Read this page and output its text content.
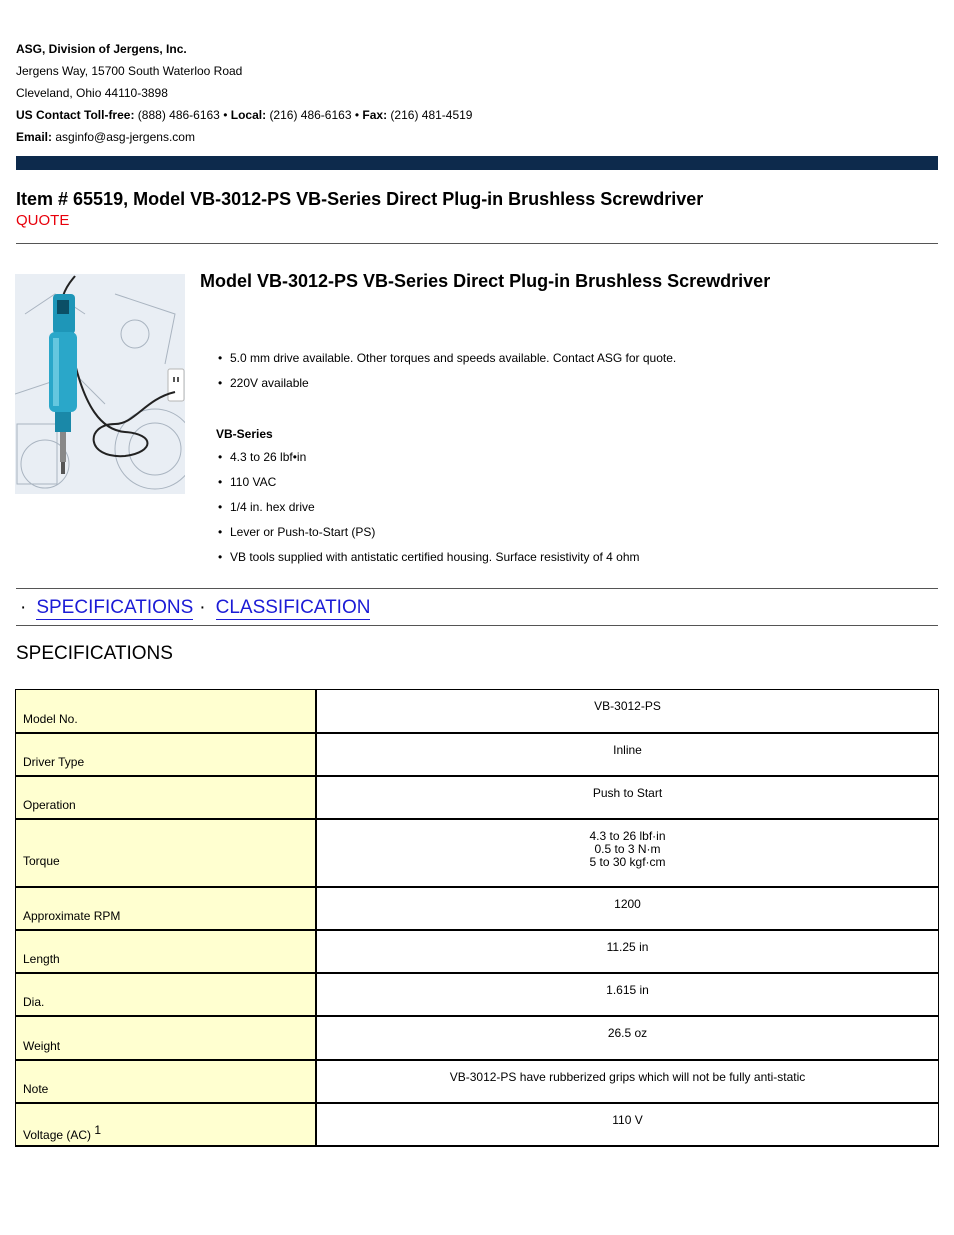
ASG, Division of Jergens, Inc.
Jergens Way, 15700 South Waterloo Road
Cleveland, Ohio 44110-3898
US Contact Toll-free: (888) 486-6163 • Local: (216) 486-6163 • Fax: (216) 481-4519
Email: asginfo@asg-jergens.com
Item # 65519, Model VB-3012-PS VB-Series Direct Plug-in Brushless Screwdriver
QUOTE
Model VB-3012-PS VB-Series Direct Plug-in Brushless Screwdriver
• 5.0 mm drive available. Other torques and speeds available. Contact ASG for quote.
• 220V available
VB-Series
• 4.3 to 26 lbf•in
• 110 VAC
• 1/4 in. hex drive
• Lever or Push-to-Start (PS)
• VB tools supplied with antistatic certified housing. Surface resistivity of 4 ohm
· SPECIFICATIONS · CLASSIFICATION
SPECIFICATIONS
Model No.	VB-3012-PS

Driver Type	Inline

Operation	Push to Start

Torque	4.3 to 26 lbf·in
0.5 to 3 N·m
5 to 30 kgf·cm

Approximate RPM	1200

Length	11.25 in

Dia.	1.615 in

Weight	26.5 oz

Note	VB-3012-PS have rubberized grips which will not be fully anti-static

Voltage (AC) $^1$	110 V
